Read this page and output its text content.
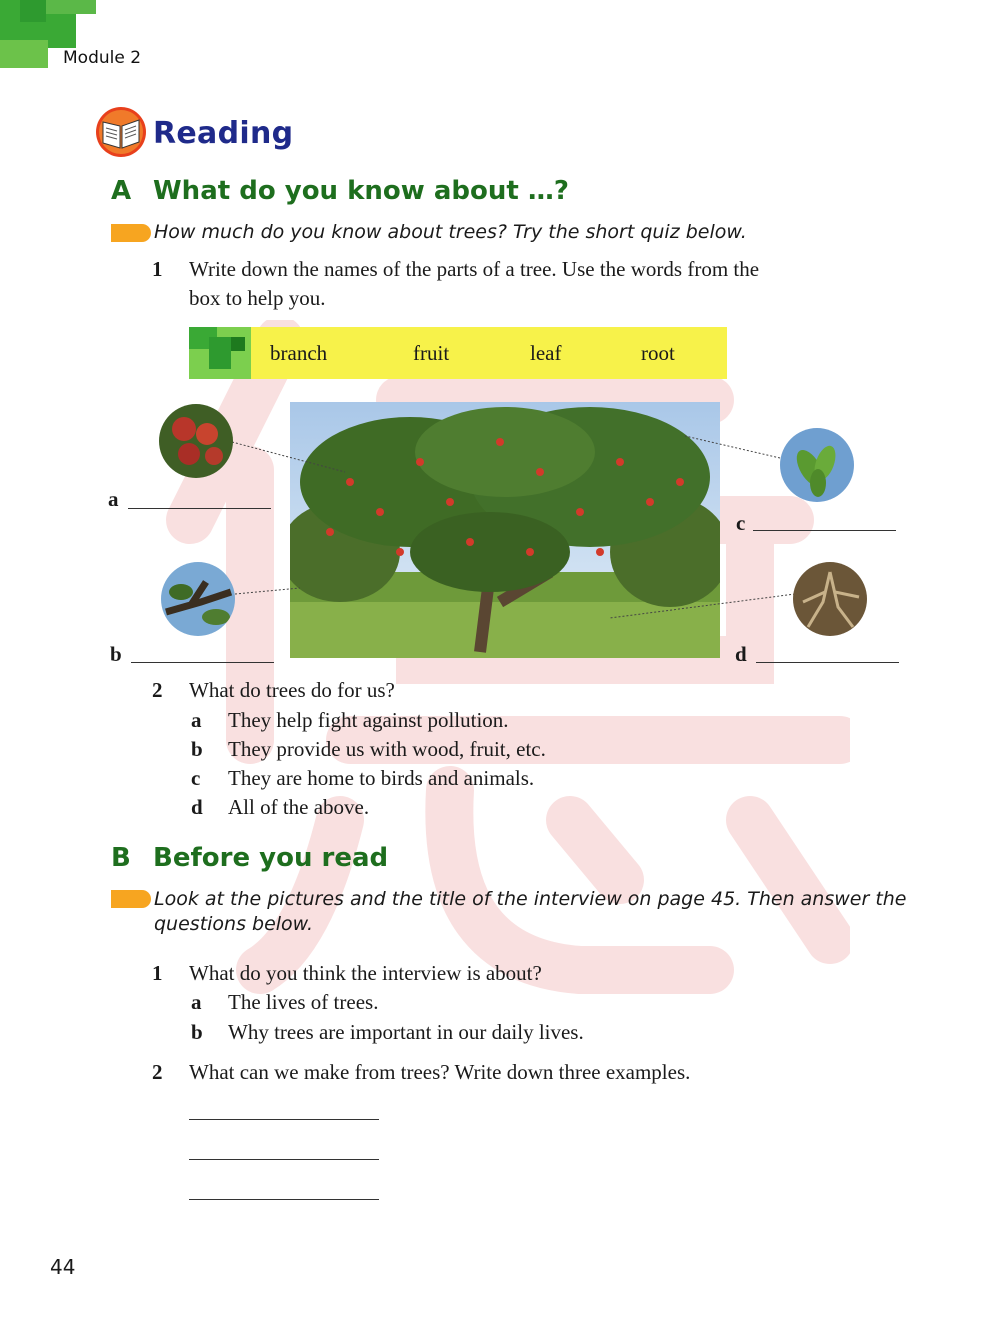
Module 2
Reading
A What do you know about …?
How much do you know about trees? Try the short quiz below.
1 Write down the names of the parts of a tree. Use the words from the
box to help you.
branch	fruit	leaf	root
a
b
c
d
2 What do trees do for us?
a They help fight against pollution.
b They provide us with wood, fruit, etc.
c They are home to birds and animals.
d All of the above.
B Before you read
Look at the pictures and the title of the interview on page 45. Then answer the
questions below.
1 What do you think the interview is about?
a The lives of trees.
b Why trees are important in our daily lives.
2 What can we make from trees? Write down three examples.
44
